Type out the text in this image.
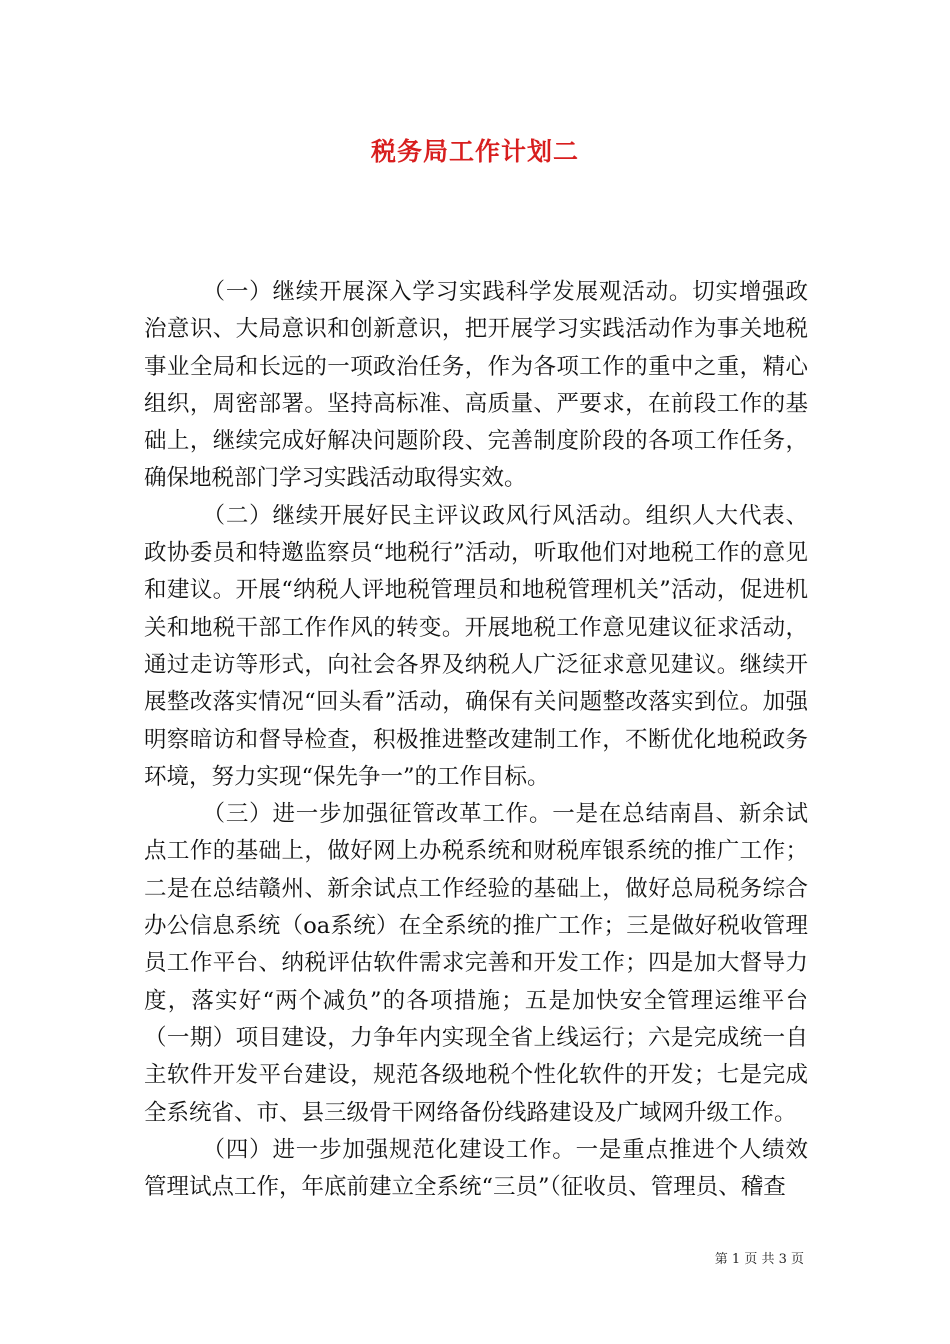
税务局工作计划二

（一）继续开展深入学习实践科学发展观活动。切实增强政治意识、大局意识和创新意识，把开展学习实践活动作为事关地税事业全局和长远的一项政治任务，作为各项工作的重中之重，精心组织，周密部署。坚持高标准、高质量、严要求，在前段工作的基础上，继续完成好解决问题阶段、完善制度阶段的各项工作任务，确保地税部门学习实践活动取得实效。

（二）继续开展好民主评议政风行风活动。组织人大代表、政协委员和特邀监察员“地税行”活动，听取他们对地税工作的意见和建议。开展“纳税人评地税管理员和地税管理机关”活动，促进机关和地税干部工作作风的转变。开展地税工作意见建议征求活动，通过走访等形式，向社会各界及纳税人广泛征求意见建议。继续开展整改落实情况“回头看”活动，确保有关问题整改落实到位。加强明察暗访和督导检查，积极推进整改建制工作，不断优化地税政务环境，努力实现“保先争一”的工作目标。

（三）进一步加强征管改革工作。一是在总结南昌、新余试点工作的基础上，做好网上办税系统和财税库银系统的推广工作；二是在总结赣州、新余试点工作经验的基础上，做好总局税务综合办公信息系统（oa系统）在全系统的推广工作；三是做好税收管理员工作平台、纳税评估软件需求完善和开发工作；四是加大督导力度，落实好“两个减负”的各项措施；五是加快安全管理运维平台（一期）项目建设，力争年内实现全省上线运行；六是完成统一自主软件开发平台建设，规范各级地税个性化软件的开发；七是完成全系统省、市、县三级骨干网络备份线路建设及广域网升级工作。

（四）进一步加强规范化建设工作。一是重点推进个人绩效管理试点工作，年底前建立全系统“三员”（征收员、管理员、稽查

第 1 页 共 3 页
